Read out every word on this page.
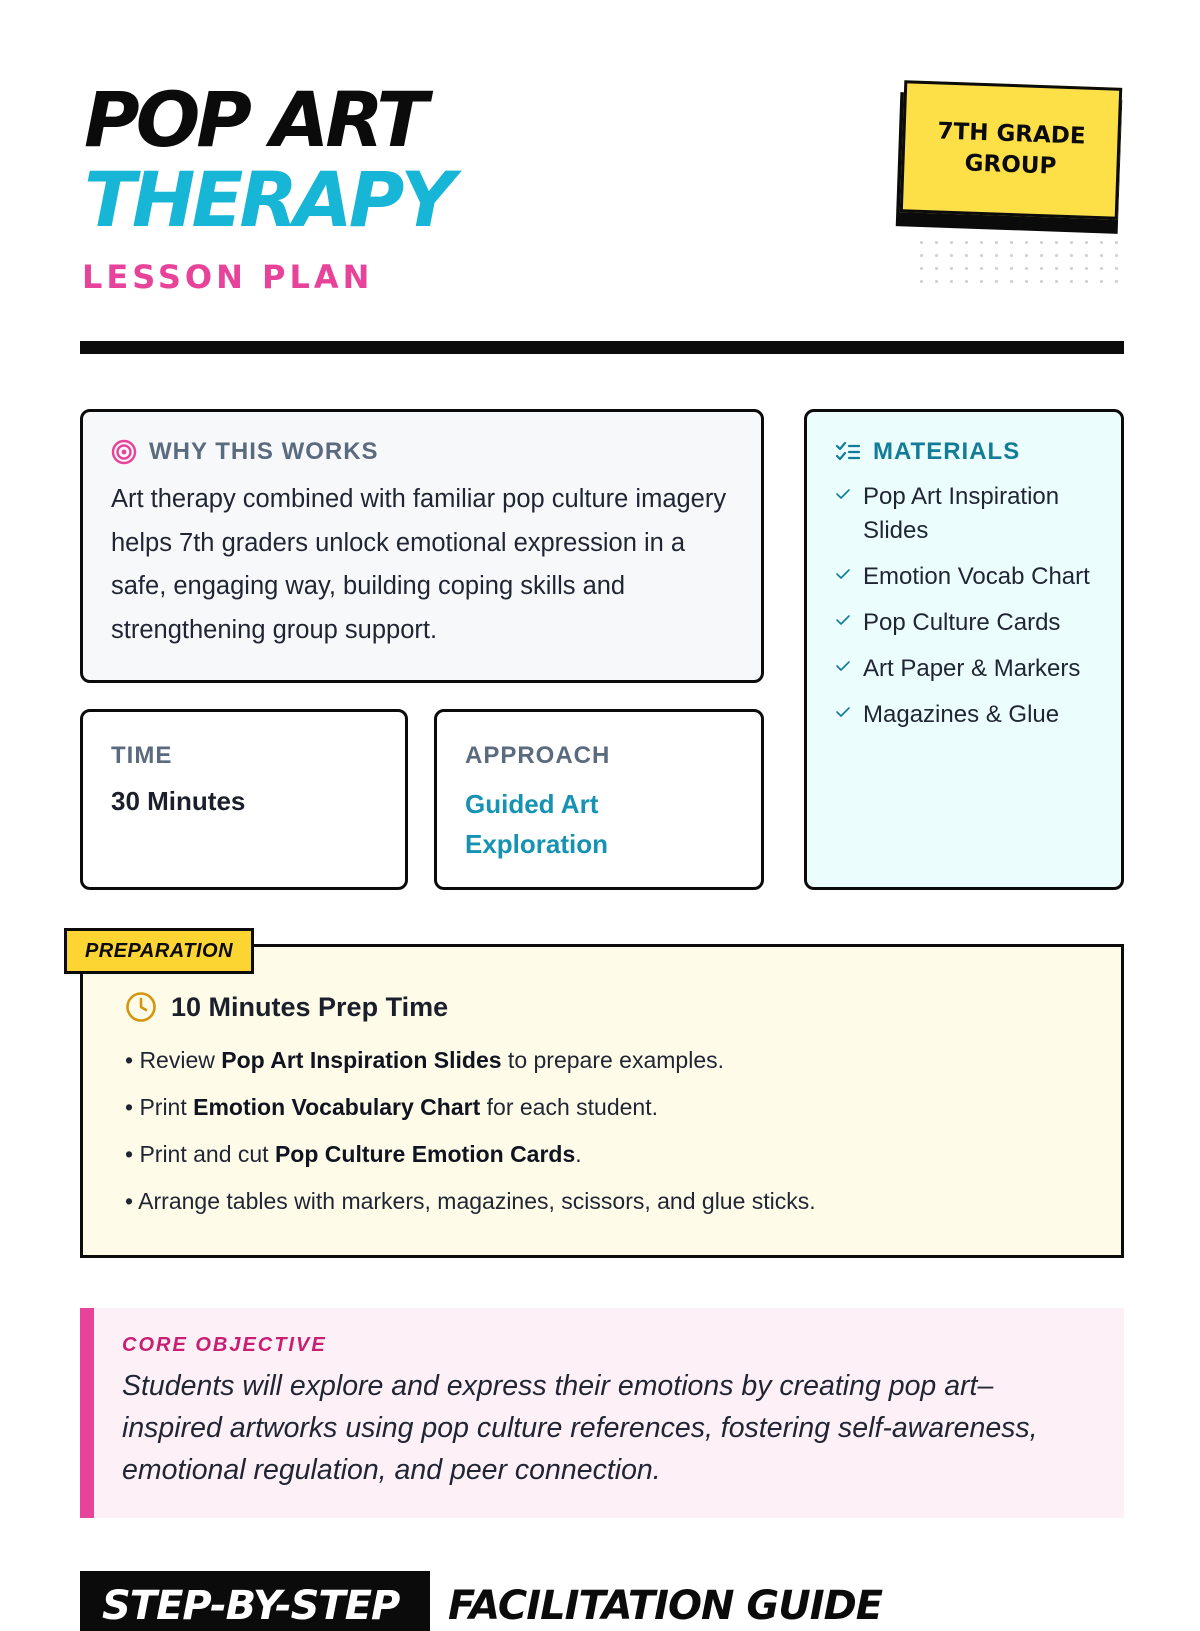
POP ART
THERAPY
LESSON PLAN
7TH GRADE GROUP
WHY THIS WORKS

Art therapy combined with familiar pop culture imagery helps 7th graders unlock emotional expression in a safe, engaging way, building coping skills and strengthening group support.

TIME
30 Minutes
APPROACH
Guided Art Exploration
MATERIALS
Pop Art Inspiration Slides
Emotion Vocab Chart
Pop Culture Cards
Art Paper & Markers
Magazines & Glue
10 Minutes Prep Time
• Review Pop Art Inspiration Slides to prepare examples.
• Print Emotion Vocabulary Chart for each student.
• Print and cut Pop Culture Emotion Cards.
• Arrange tables with markers, magazines, scissors, and glue sticks.
PREPARATION
CORE OBJECTIVE

Students will explore and express their emotions by creating pop art–inspired artworks using pop culture references, fostering self-awareness, emotional regulation, and peer connection.

STEP-BY-STEP FACILITATION GUIDE
